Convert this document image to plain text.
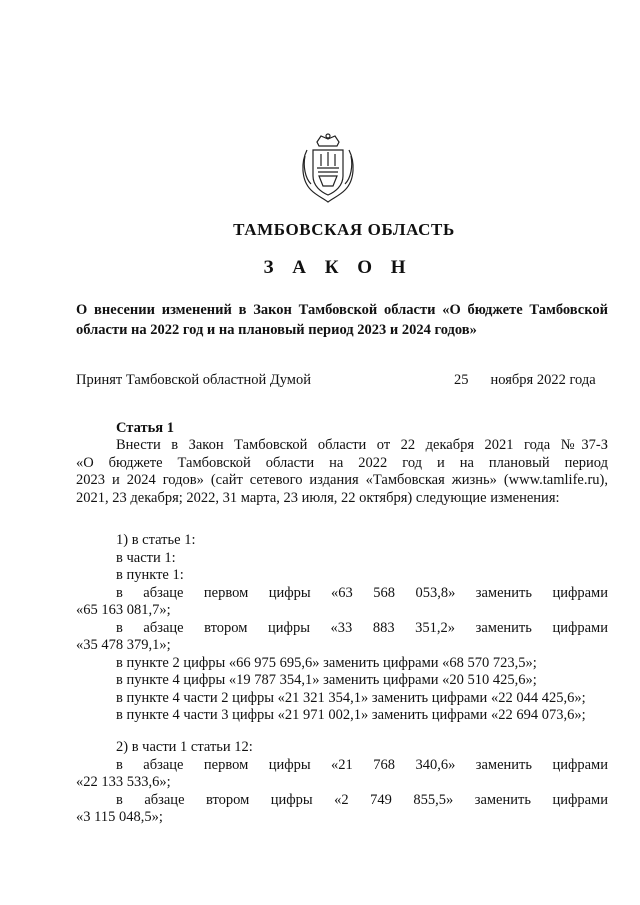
ТАМБОВСКАЯ ОБЛАСТЬ
З А К О Н
О внесении изменений в Закон Тамбовской области «О бюджете Тамбовской области на 2022 год и на плановый период 2023 и 2024 годов»
Принят Тамбовской областной Думой	25 ноября 2022 года
Статья 1

Внести в Закон Тамбовской области от 22 декабря 2021 года №37-З

«О бюджете Тамбовской области на 2022 год и на плановый период

2023 и 2024 годов» (сайт сетевого издания «Тамбовская жизнь» (www.tamlife.ru),

2021, 23 декабря; 2022, 31 марта, 23 июля, 22 октября) следующие изменения:

1) в статье 1:

в части 1:

в пункте 1:

в абзаце первом цифры «63 568 053,8» заменить цифрами

«65 163 081,7»;

в абзаце втором цифры «33 883 351,2» заменить цифрами

«35 478 379,1»;

в пункте 2 цифры «66 975 695,6» заменить цифрами «68 570 723,5»;

в пункте 4 цифры «19 787 354,1» заменить цифрами «20 510 425,6»;

в пункте 4 части 2 цифры «21 321 354,1» заменить цифрами «22 044 425,6»;

в пункте 4 части 3 цифры «21 971 002,1» заменить цифрами «22 694 073,6»;

2) в части 1 статьи 12:

в абзаце первом цифры «21 768 340,6» заменить цифрами

«22 133 533,6»;

в абзаце втором цифры «2 749 855,5» заменить цифрами

«3 115 048,5»;
